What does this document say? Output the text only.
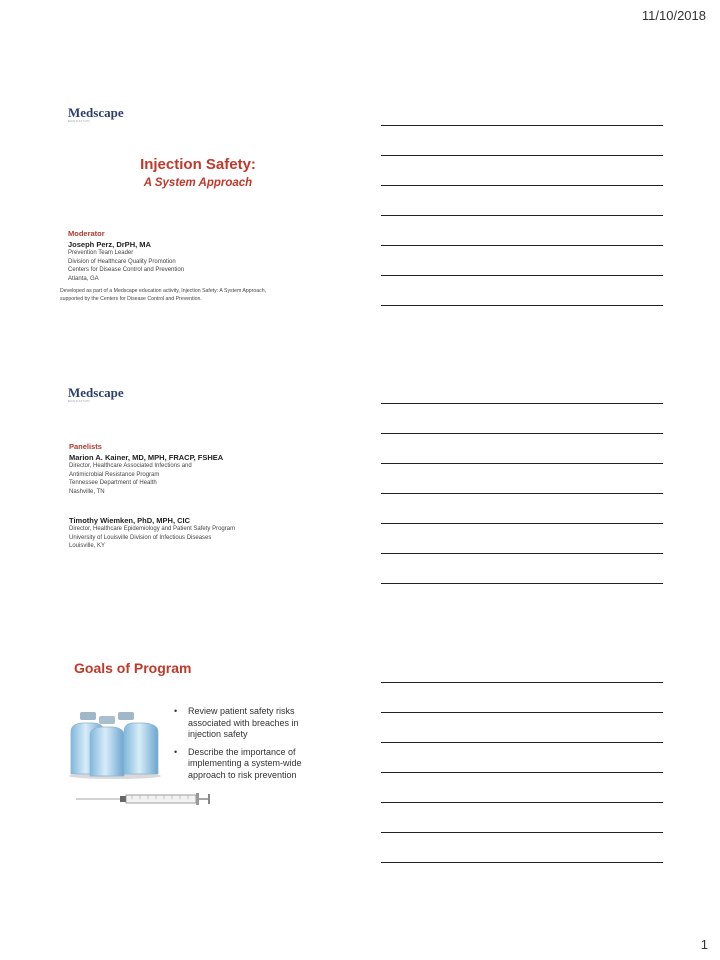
11/10/2018
Medscape
EDUCATION
Injection Safety:
A System Approach
Moderator
Joseph Perz, DrPH, MA
Prevention Team Leader
Division of Healthcare Quality Promotion
Centers for Disease Control and Prevention
Atlanta, GA
Developed as part of a Medscape education activity, Injection Safety: A System Approach,
supported by the Centers for Disease Control and Prevention.
Medscape
EDUCATION
Panelists
Marion A. Kainer, MD, MPH, FRACP, FSHEA
Director, Healthcare Associated Infections and
Antimicrobial Resistance Program
Tennessee Department of Health
Nashville, TN
Timothy Wiemken, PhD, MPH, CIC
Director, Healthcare Epidemiology and Patient Safety Program
University of Louisville Division of Infectious Diseases
Louisville, KY
Goals of Program
• Review patient safety risks associated with breaches in injection safety
• Describe the importance of implementing a system-wide approach to risk prevention
1
